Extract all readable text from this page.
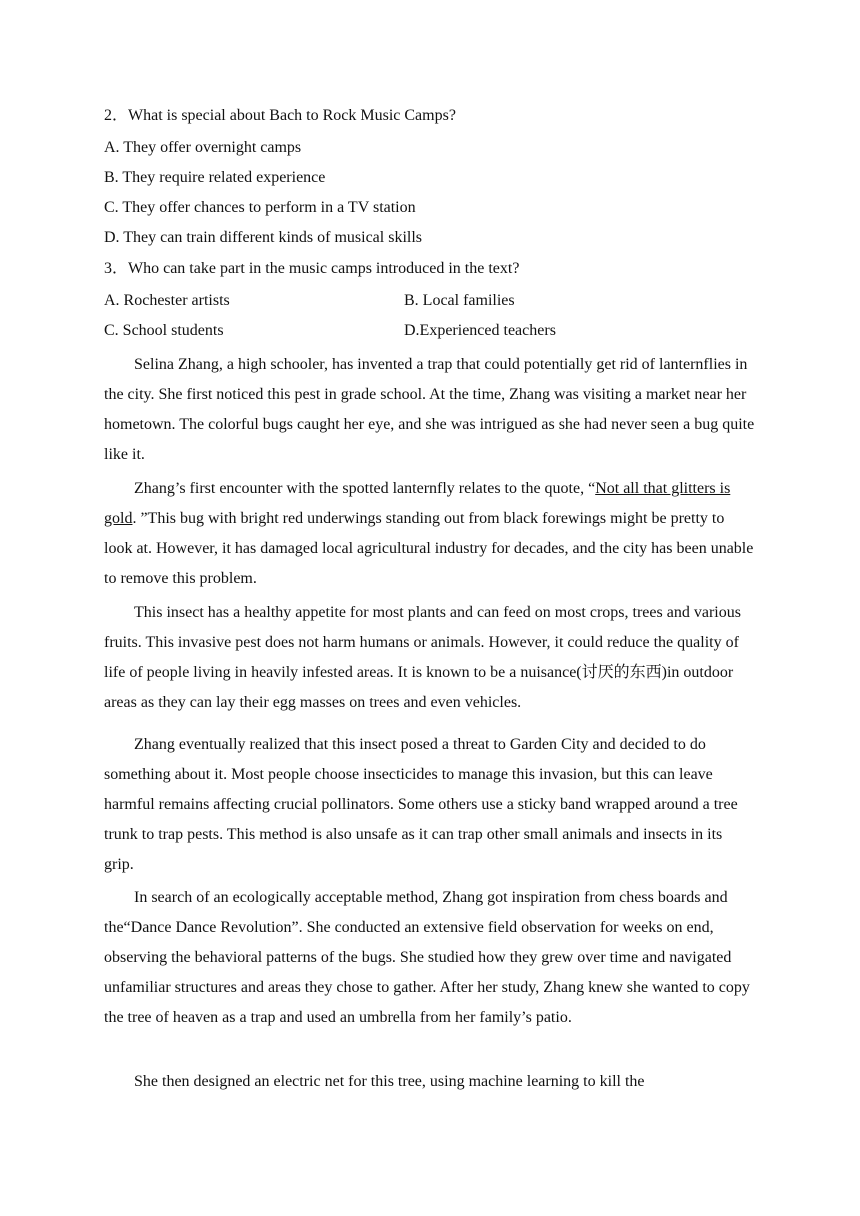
2．What is special about Bach to Rock Music Camps?
A. They offer overnight camps
B. They require related experience
C. They offer chances to perform in a TV station
D. They can train different kinds of musical skills
3．Who can take part in the music camps introduced in the text?
A. Rochester artists	B. Local families
C. School students	D.Experienced teachers
Selina Zhang, a high schooler, has invented a trap that could potentially get rid of lanternflies in the city. She first noticed this pest in grade school. At the time, Zhang was visiting a market near her hometown. The colorful bugs caught her eye, and she was intrigued as she had never seen a bug quite like it.
Zhang’s first encounter with the spotted lanternfly relates to the quote, “Not all that glitters is gold. ”This bug with bright red underwings standing out from black forewings might be pretty to look at. However, it has damaged local agricultural industry for decades, and the city has been unable to remove this problem.
This insect has a healthy appetite for most plants and can feed on most crops, trees and various fruits. This invasive pest does not harm humans or animals. However, it could reduce the quality of life of people living in heavily infested areas. It is known to be a nuisance(讨厌的东西)in outdoor areas as they can lay their egg masses on trees and even vehicles.
Zhang eventually realized that this insect posed a threat to Garden City and decided to do something about it. Most people choose insecticides to manage this invasion, but this can leave harmful remains affecting crucial pollinators. Some others use a sticky band wrapped around a tree trunk to trap pests. This method is also unsafe as it can trap other small animals and insects in its grip.
In search of an ecologically acceptable method, Zhang got inspiration from chess boards and the“Dance Dance Revolution”. She conducted an extensive field observation for weeks on end, observing the behavioral patterns of the bugs. She studied how they grew over time and navigated unfamiliar structures and areas they chose to gather. After her study, Zhang knew she wanted to copy the tree of heaven as a trap and used an umbrella from her family’s patio.
She then designed an electric net for this tree, using machine learning to kill the
